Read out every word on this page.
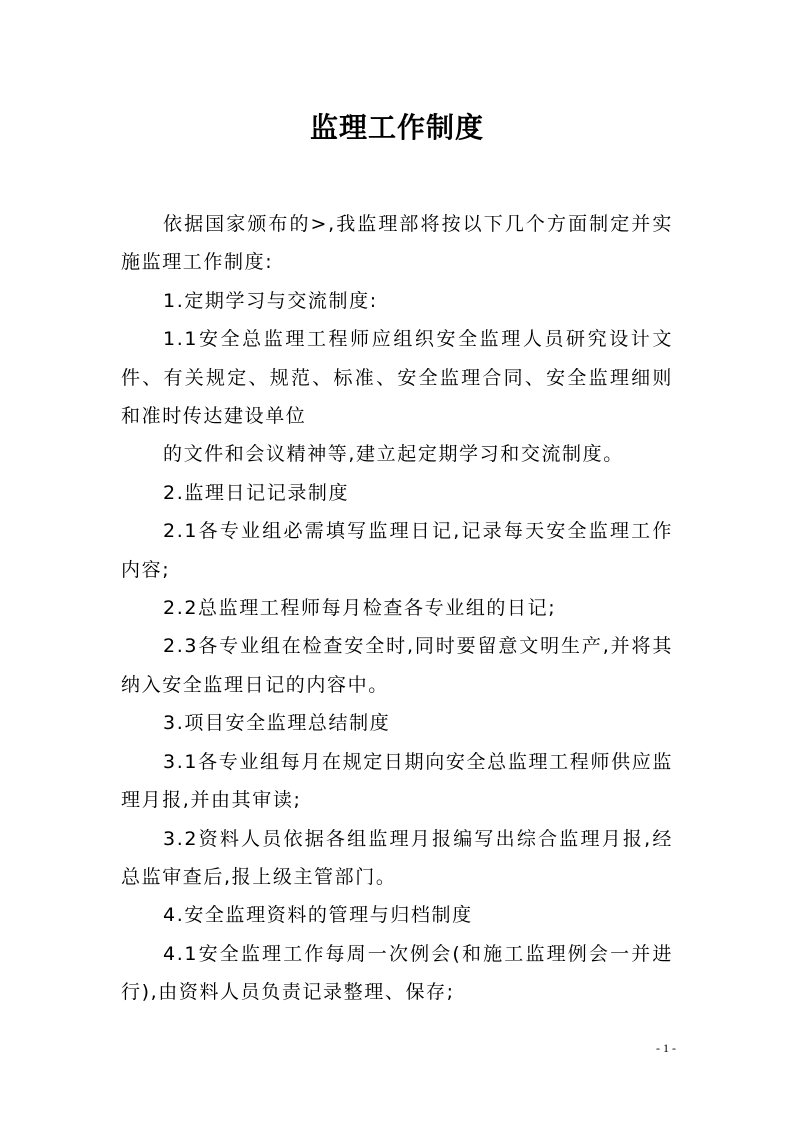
监理工作制度

依据国家颁布的>,我监理部将按以下几个方面制定并实施监理工作制度:

1.定期学习与交流制度:

1.1安全总监理工程师应组织安全监理人员研究设计文件、有关规定、规范、标准、安全监理合同、安全监理细则和准时传达建设单位

的文件和会议精神等,建立起定期学习和交流制度。

2.监理日记记录制度

2.1各专业组必需填写监理日记,记录每天安全监理工作内容;

2.2总监理工程师每月检查各专业组的日记;

2.3各专业组在检查安全时,同时要留意文明生产,并将其纳入安全监理日记的内容中。

3.项目安全监理总结制度

3.1各专业组每月在规定日期向安全总监理工程师供应监理月报,并由其审读;

3.2资料人员依据各组监理月报编写出综合监理月报,经总监审查后,报上级主管部门。

4.安全监理资料的管理与归档制度

4.1安全监理工作每周一次例会(和施工监理例会一并进行),由资料人员负责记录整理、保存;

- 1 -
